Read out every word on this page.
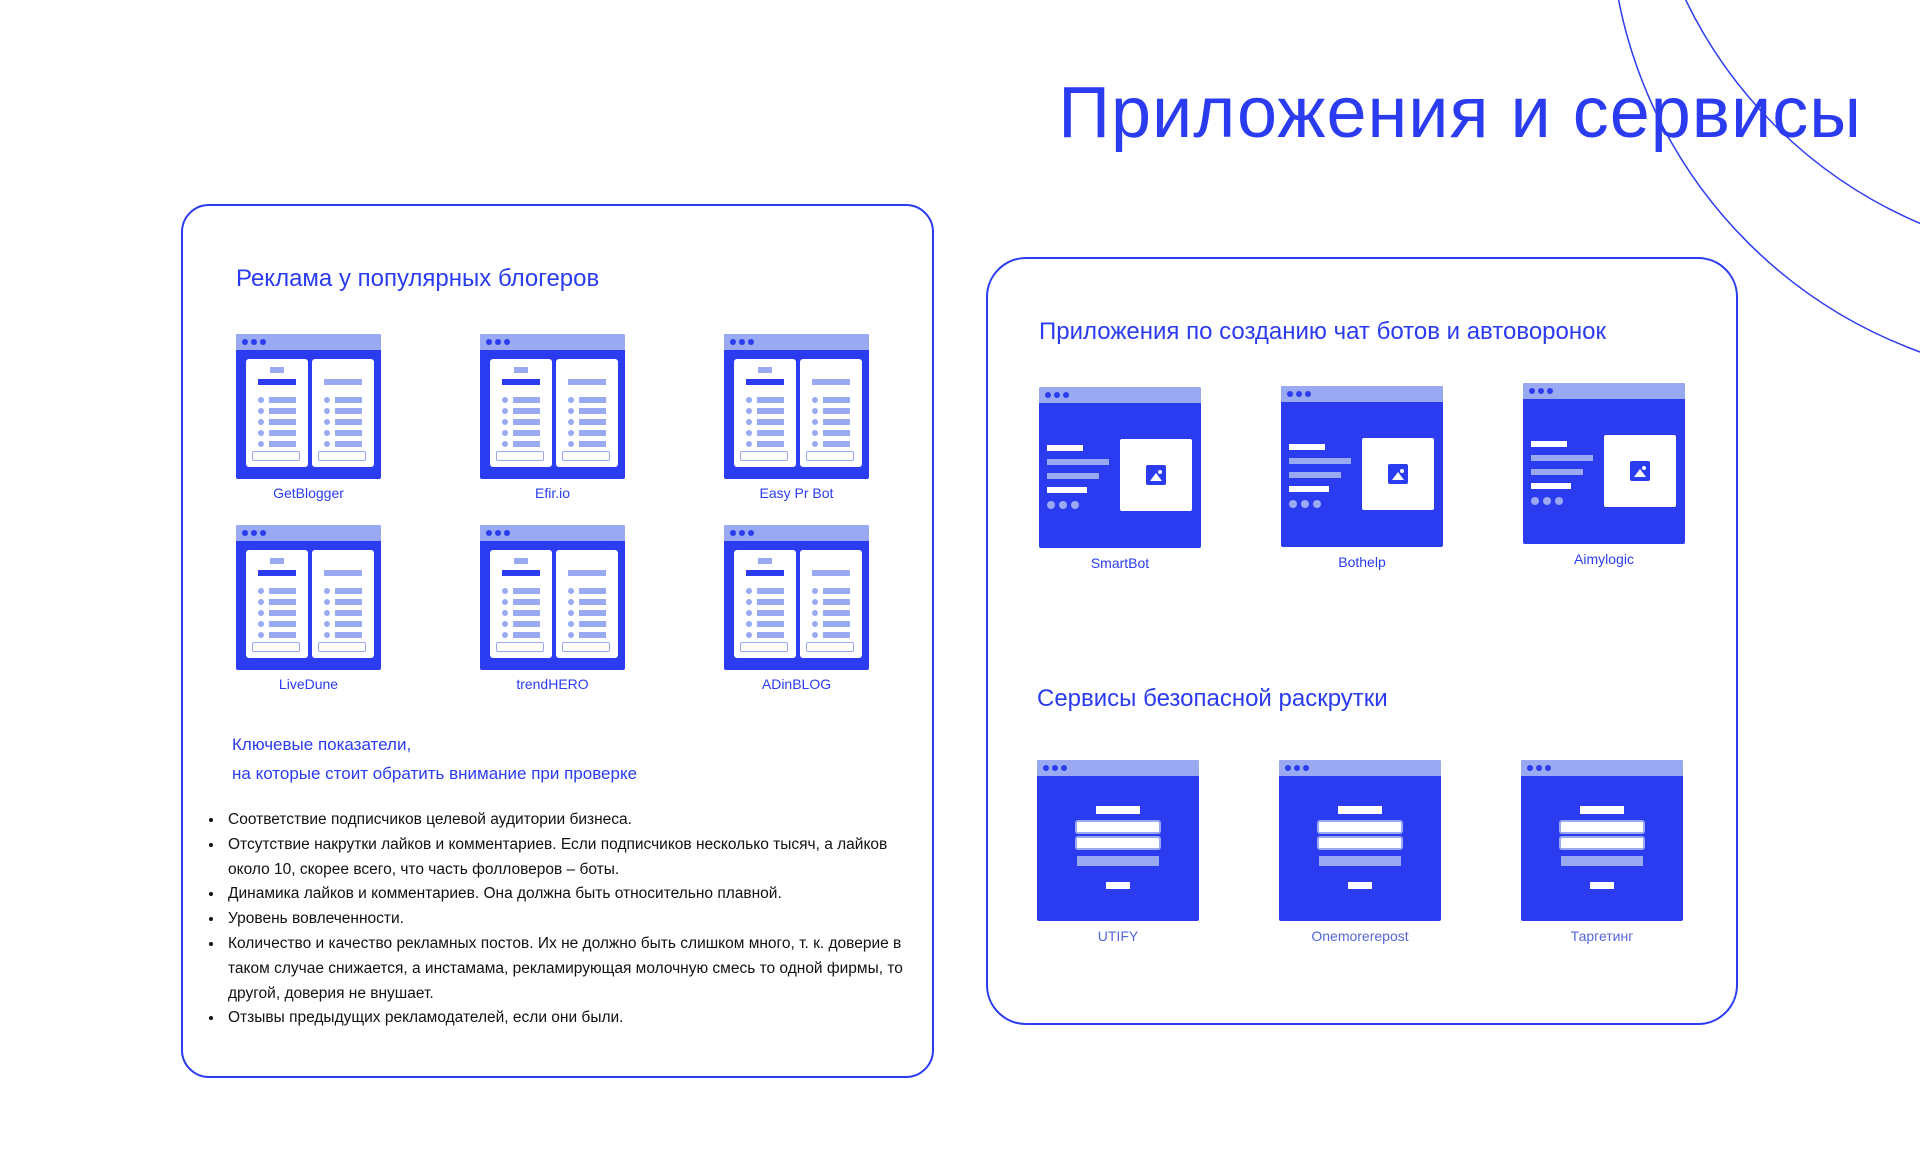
Приложения и сервисы
Реклама у популярных блогеров
GetBlogger	Efir.io	Easy Pr Bot
LiveDune	trendHERO	ADinBLOG

Ключевые показатели,
на которые стоит обратить внимание при проверке

• Соответствие подписчиков целевой аудитории бизнеса.
• Отсутствие накрутки лайков и комментариев. Если подписчиков несколько тысяч, а лайков около 10, скорее всего, что часть фолловеров – боты.
• Динамика лайков и комментариев. Она должна быть относительно плавной.
• Уровень вовлеченности.
• Количество и качество рекламных постов. Их не должно быть слишком много, т. к. доверие в таком случае снижается, а инстамама, рекламирующая молочную смесь то одной фирмы, то другой, доверия не внушает.
• Отзывы предыдущих рекламодателей, если они были.
Приложения по созданию чат ботов и автоворонок
SmartBot	Bothelp	Aimylogic
Сервисы безопасной раскрутки
UTIFY	Onemorerepost	Таргетинг
